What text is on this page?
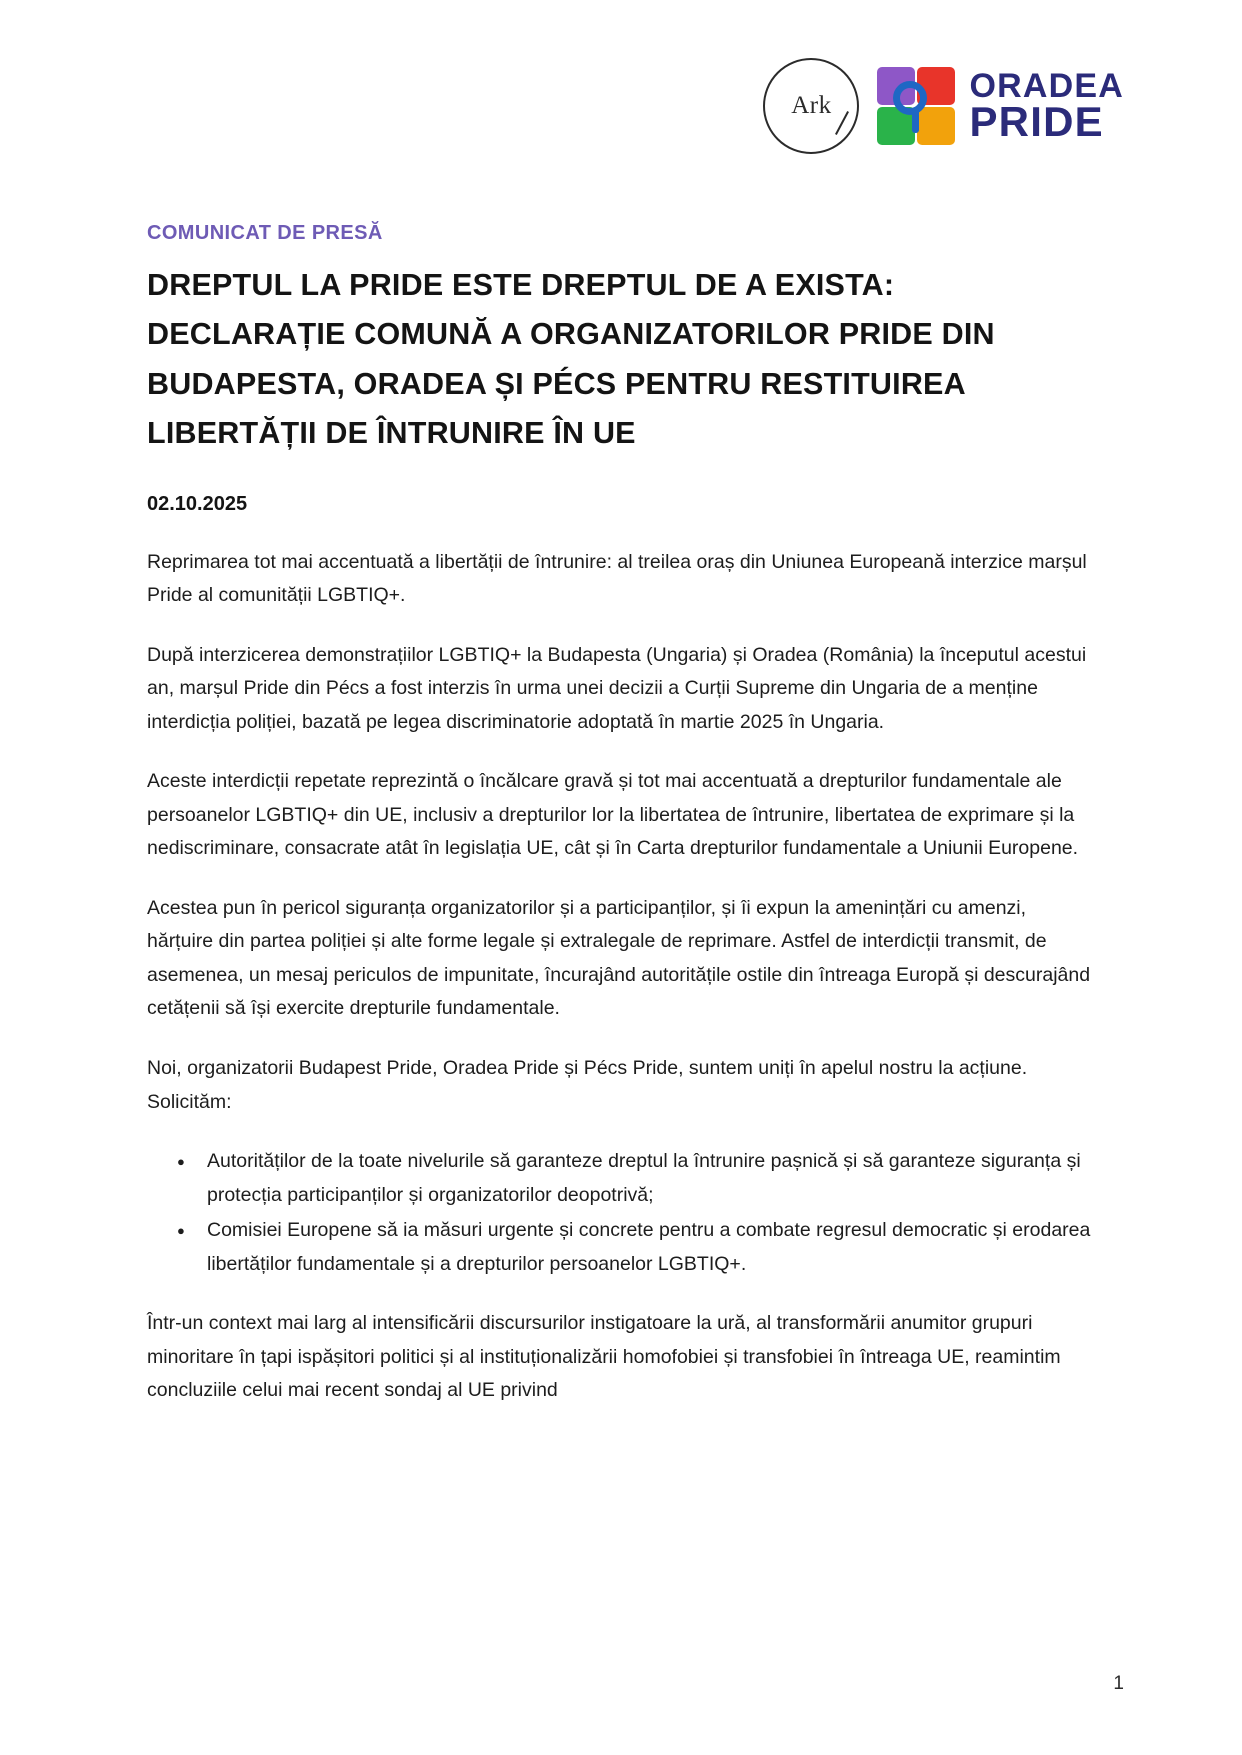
Ark
ORADEA
PRIDE
COMUNICAT DE PRESĂ
DREPTUL LA PRIDE ESTE DREPTUL DE A EXISTA: DECLARAȚIE COMUNĂ A ORGANIZATORILOR PRIDE DIN BUDAPESTA, ORADEA ȘI PÉCS PENTRU RESTITUIREA LIBERTĂȚII DE ÎNTRUNIRE ÎN UE
02.10.2025

Reprimarea tot mai accentuată a libertății de întrunire: al treilea oraș din Uniunea Europeană interzice marșul Pride al comunității LGBTIQ+.

După interzicerea demonstrațiilor LGBTIQ+ la Budapesta (Ungaria) și Oradea (România) la începutul acestui an, marșul Pride din Pécs a fost interzis în urma unei decizii a Curții Supreme din Ungaria de a menține interdicția poliției, bazată pe legea discriminatorie adoptată în martie 2025 în Ungaria.

Aceste interdicții repetate reprezintă o încălcare gravă și tot mai accentuată a drepturilor fundamentale ale persoanelor LGBTIQ+ din UE, inclusiv a drepturilor lor la libertatea de întrunire, libertatea de exprimare și la nediscriminare, consacrate atât în legislația UE, cât și în Carta drepturilor fundamentale a Uniunii Europene.

Acestea pun în pericol siguranța organizatorilor și a participanților, și îi expun la amenințări cu amenzi, hărțuire din partea poliției și alte forme legale și extralegale de reprimare. Astfel de interdicții transmit, de asemenea, un mesaj periculos de impunitate, încurajând autoritățile ostile din întreaga Europă și descurajând cetățenii să își exercite drepturile fundamentale.

Noi, organizatorii Budapest Pride, Oradea Pride și Pécs Pride, suntem uniți în apelul nostru la acțiune. Solicităm:

● Autorităților de la toate nivelurile să garanteze dreptul la întrunire pașnică și să garanteze siguranța și protecția participanților și organizatorilor deopotrivă;
● Comisiei Europene să ia măsuri urgente și concrete pentru a combate regresul democratic și erodarea libertăților fundamentale și a drepturilor persoanelor LGBTIQ+.

Într-un context mai larg al intensificării discursurilor instigatoare la ură, al transformării anumitor grupuri minoritare în țapi ispășitori politici și al instituționalizării homofobiei și transfobiei în întreaga UE, reamintim concluziile celui mai recent sondaj al UE privind

1
